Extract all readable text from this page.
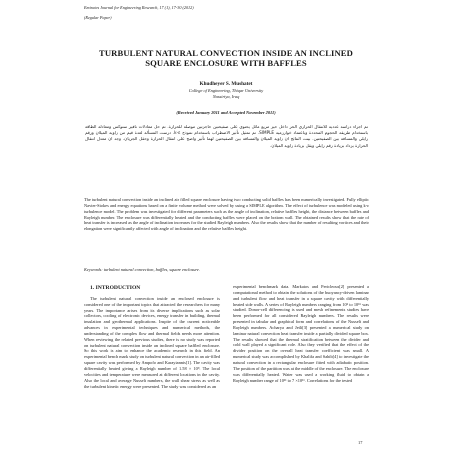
Emirates Journal for Engineering Research, 17 (1), 17-30 (2012)
(Regular Paper)
TURBULENT NATURAL CONVECTION INSIDE AN INCLINED SQUARE ENCLOSURE WITH BAFFLES
Khudheyer S. Mushatet
College of Engineering, Thiqar University
Nassiriya, Iraq
(Received January 2011 and Accepted November 2011)
تم اجراء دراسة عددية للانتقال الحراري الحر داخل حيز مربع مائل يحتوي على صفيحتين حاجزتين موصلة للحرارة. تم حل معادلات نافير ستوكس ومعادلة الطاقة باستخدام طريقة الحجوم المحددة وباعتماد خوارزمية SIMPLE. تم تمثيل تأثير الاضطراب باستخدام نموذج k-ε. درست المسألة لعدة قيم من زاوية الميلان ورقم رايلي والمسافة بين الصفيحتين. بينت النتائج ان زاوية الميلان والمسافة بين الصفيحتين لهما تأثير واضح على انتقال الحرارة وحقل الجريان. وجد ان معدل انتقال الحرارة يزداد بزيادة رقم رايلي ويقل بزيادة زاوية الميلان.
The turbulent natural convection inside an inclined air filled square enclosure having two conducting solid baffles has been numerically investigated. Fully elliptic Navier-Stokes and energy equations based on a finite volume method were solved by using a SIMPLE algorithm. The effect of turbulence was modeled using k-ε turbulence model. The problem was investigated for different parameters such as the angle of inclination, relative baffles height, the distance between baffles and Rayleigh number. The enclosure was differentially heated and the conducting baffles were placed on the bottom wall. The obtained results show that the rate of heat transfer is increased as the angle of inclination increases for the studied Rayleigh numbers. Also the results show that the number of resulting vortices and their elongation were significantly affected with angle of inclination and the relative baffles height.
Keywords: turbulent natural convection, baffles, square enclosure.
1. INTRODUCTION

The turbulent natural convection inside an enclosed enclosure is considered one of the important topics that attracted the researchers for many years. The importance arises from its diverse implications such as solar collectors, cooling of electronic devices, energy transfer in building, thermal insulation and geothermal applications. Inspite of the current noticeable advances in experimental techniques and numerical methods, the understanding of the complex flow and thermal fields needs more attention. When reviewing the related previous studies, there is no study was reported on turbulent natural convection inside an inclined square baffled enclosure. So this work is aim to enhance the academic research in this field. An experimental bench mark study on turbulent natural convection in an air-filled square cavity was performed by Ampofo and Karayiannis[1]. The cavity was differentially heated giving a Rayleigh number of 1.58 × 10⁹. The local velocities and temperature were measured at different locations in the cavity. Also the local and average Nusselt numbers, the wall shear stress as well as the turbulent kinetic energy were presented. The study was considered as an

experimental benchmark data. Markatos and Pericleous[2] presented a computational method to obtain the solutions of the buoyancy-driven laminar and turbulent flow and heat transfer in a square cavity with differentially heated side walls. A series of Rayleigh numbers ranging from 10³ to 10¹⁶ was studied. Donor-cell differencing is used and mesh refinements studies have been performed for all considered Rayleigh numbers. The results were presented in tabular and graphical form and correlations of the Nusselt and Rayleigh numbers. Acharya and Jetli[3] presented a numerical study on laminar natural convection heat transfer inside a partially divided square box. The results showed that the thermal stratification between the divider and cold wall played a significant role. Also they verified that the effect of the divider position on the overall heat transfer coefficient was small. A numerical study was accomplished by Khalifa and Sahib[4] to investigate the natural convection in a rectangular enclosure fitted with adiabatic position. The position of the partition was at the middle of the enclosure. The enclosure was differentially heated. Water was used a working fluid to obtain a Rayleigh number range of 10¹¹ to 7 ×10¹¹. Correlations for the tested

17
